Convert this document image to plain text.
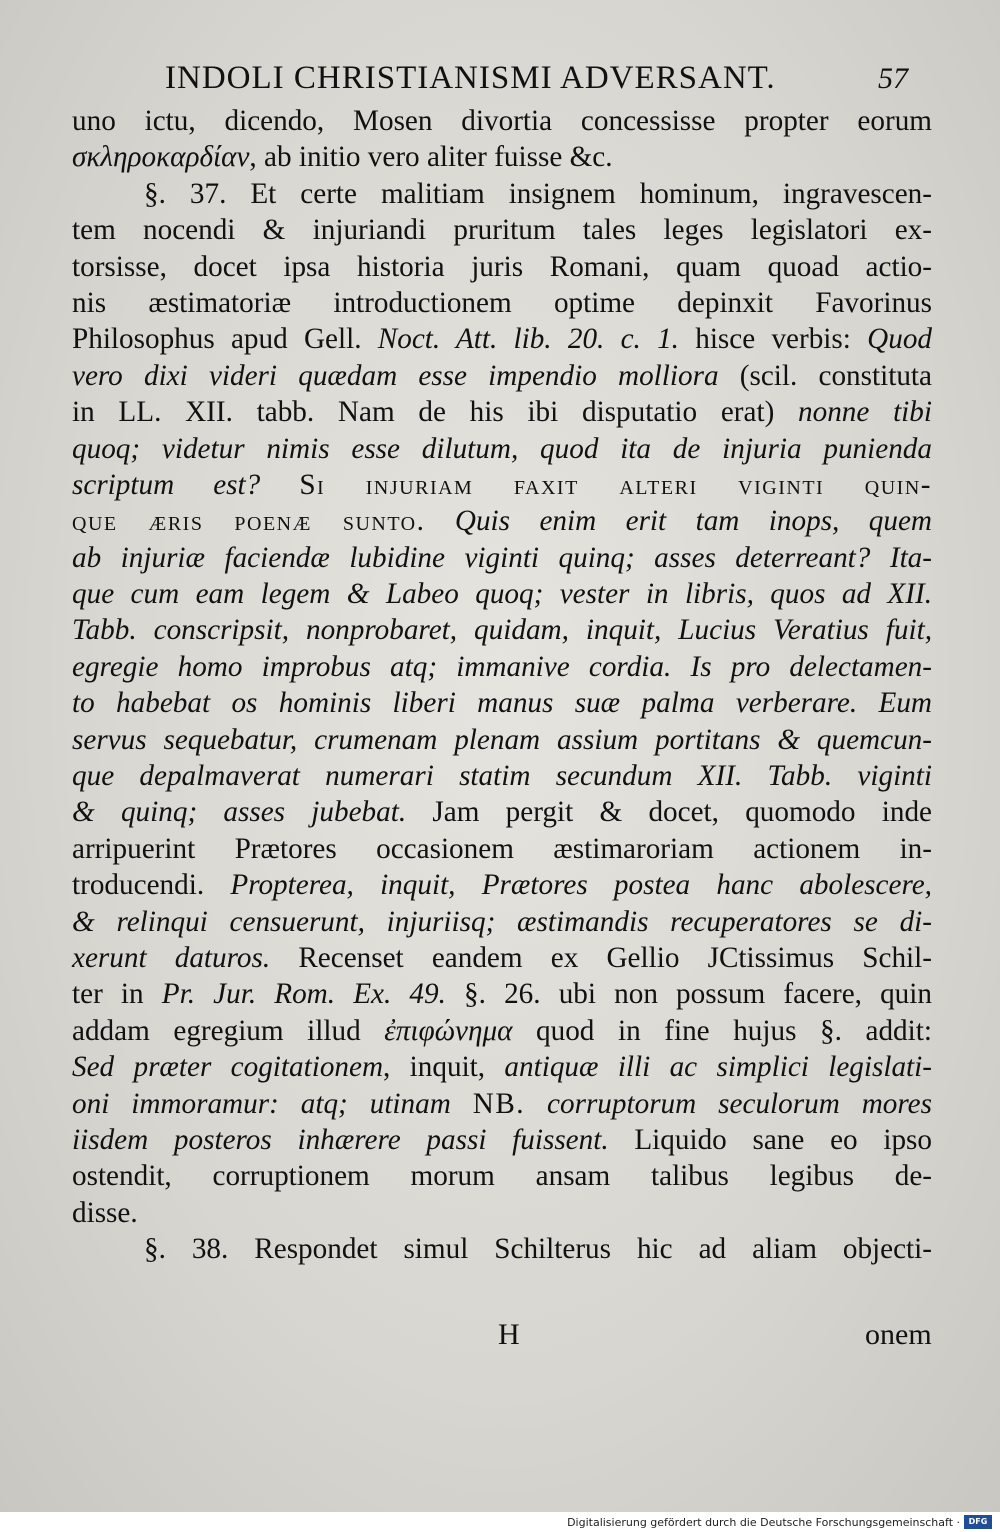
INDOLI CHRISTIANISMI ADVERSANT.	57
uno ictu, dicendo, Mosen divortia concessisse propter eorum
σκληροκαρδίαν, ab initio vero aliter fuisse &c.
§. 37. Et certe malitiam insignem hominum, ingravescen-
tem nocendi & injuriandi pruritum tales leges legislatori ex-
torsisse, docet ipsa historia juris Romani, quam quoad actio-
nis æstimatoriæ introductionem optime depinxit Favorinus
Philosophus apud Gell. Noct. Att. lib. 20. c. 1. hisce verbis: Quod
vero dixi videri quædam esse impendio molliora (scil. constituta
in LL. XII. tabb. Nam de his ibi disputatio erat) nonne tibi
quoq; videtur nimis esse dilutum, quod ita de injuria punienda
scriptum est? Si injuriam faxit alteri viginti quin-
que æris poenæ sunto. Quis enim erit tam inops, quem
ab injuriæ faciendæ lubidine viginti quinq; asses deterreant? Ita-
que cum eam legem & Labeo quoq; vester in libris, quos ad XII.
Tabb. conscripsit, nonprobaret, quidam, inquit, Lucius Veratius fuit,
egregie homo improbus atq; immanive cordia. Is pro delectamen-
to habebat os hominis liberi manus suæ palma verberare. Eum
servus sequebatur, crumenam plenam assium portitans & quemcun-
que depalmaverat numerari statim secundum XII. Tabb. viginti
& quinq; asses jubebat. Jam pergit & docet, quomodo inde
arripuerint Prætores occasionem æstimaroriam actionem in-
troducendi. Propterea, inquit, Prætores postea hanc abolescere,
& relinqui censuerunt, injuriisq; æstimandis recuperatores se di-
xerunt daturos. Recenset eandem ex Gellio JCtissimus Schil-
ter in Pr. Jur. Rom. Ex. 49. §. 26. ubi non possum facere, quin
addam egregium illud ἐπιφώνημα quod in fine hujus §. addit:
Sed præter cogitationem, inquit, antiquæ illi ac simplici legislati-
oni immoramur: atq; utinam NB. corruptorum seculorum mores
iisdem posteros inhærere passi fuissent. Liquido sane eo ipso
ostendit, corruptionem morum ansam talibus legibus de-
disse.
§. 38. Respondet simul Schilterus hic ad aliam objecti-
H	onem
Digitalisierung gefördert durch die Deutsche Forschungsgemeinschaft ·	DFG
